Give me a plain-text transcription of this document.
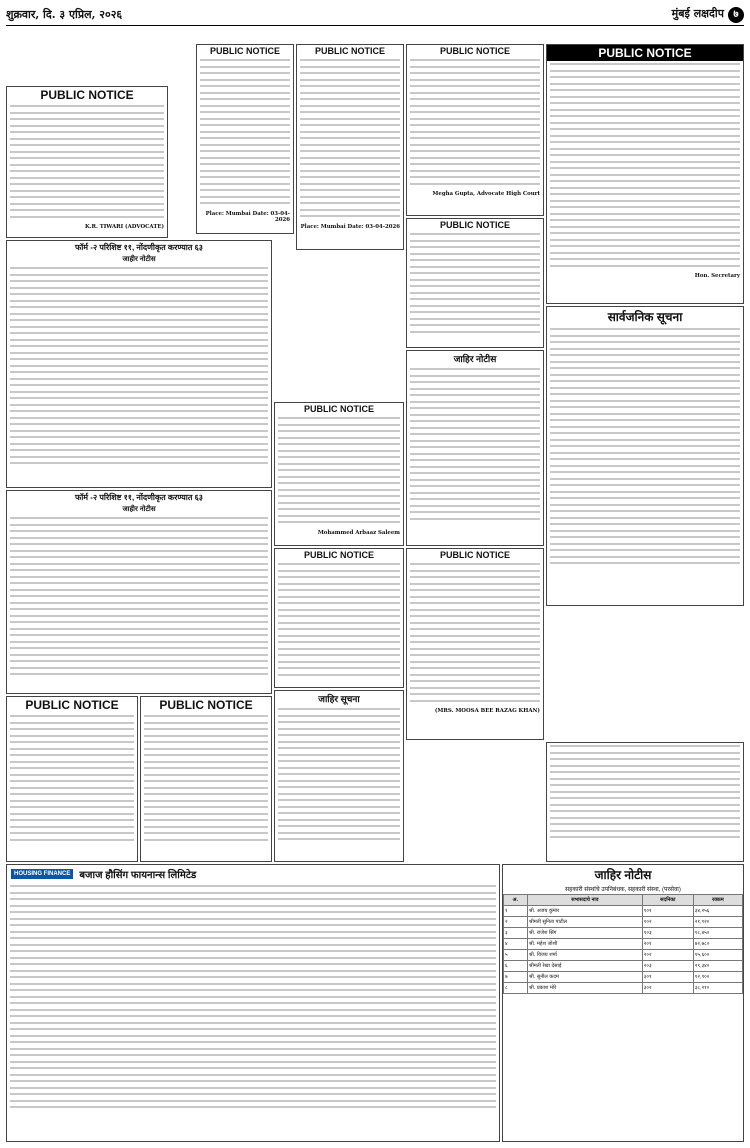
शुक्रवार, दि. ३ एप्रिल, २०२६	मुंबई लक्षदीप ७
PUBLIC NOTICE
K.R. TIWARI (ADVOCATE)
फॉर्म -२ परिशिष्ट ११, नोंदणीकृत करण्यात ६३
जाहीर नोटीस
फॉर्म -२ परिशिष्ट ११, नोंदणीकृत करण्यात ६३
जाहीर नोटीस
PUBLIC NOTICE	PUBLIC NOTICE
HOUSING FINANCE बजाज हौसिंग फायनान्स लिमिटेड
PUBLIC NOTICE
Place: Mumbai Date: 03-04-2026
PUBLIC NOTICE
Mohammed Arbaaz Saleem
PUBLIC NOTICE
जाहिर सूचना
PUBLIC NOTICE
Place: Mumbai Date: 03-04-2026
PUBLIC NOTICE
Megha Gupta, Advocate High Court
PUBLIC NOTICE
जाहिर नोटीस
PUBLIC NOTICE
(MRS. MOOSA BEE RAZAG KHAN)
PUBLIC NOTICE
Hon. Secretary
सार्वजनिक सूचना
जाहिर नोटीस
सहकारी संस्थांचे उपनिबंधक, सहकारी संस्था, (परसेवा)
अ.	सभासदाचे नाव	सदनिका	रक्कम
१	श्री. अजय कुमार	१०१	३४,२५६
२	श्रीमती सुनिता पाटील	१०२	२१,१२०
३	श्री. राजेश सिंग	१०३	१८,४५०
४	श्री. महेश जोशी	२०१	४२,७८०
५	श्री. विजय शर्मा	२०२	१५,६००
६	श्रीमती रेखा देसाई	२०३	२९,३४०
७	श्री. सुनील कदम	३०१	१२,९००
८	श्री. प्रकाश मोरे	३०२	३८,२१०
